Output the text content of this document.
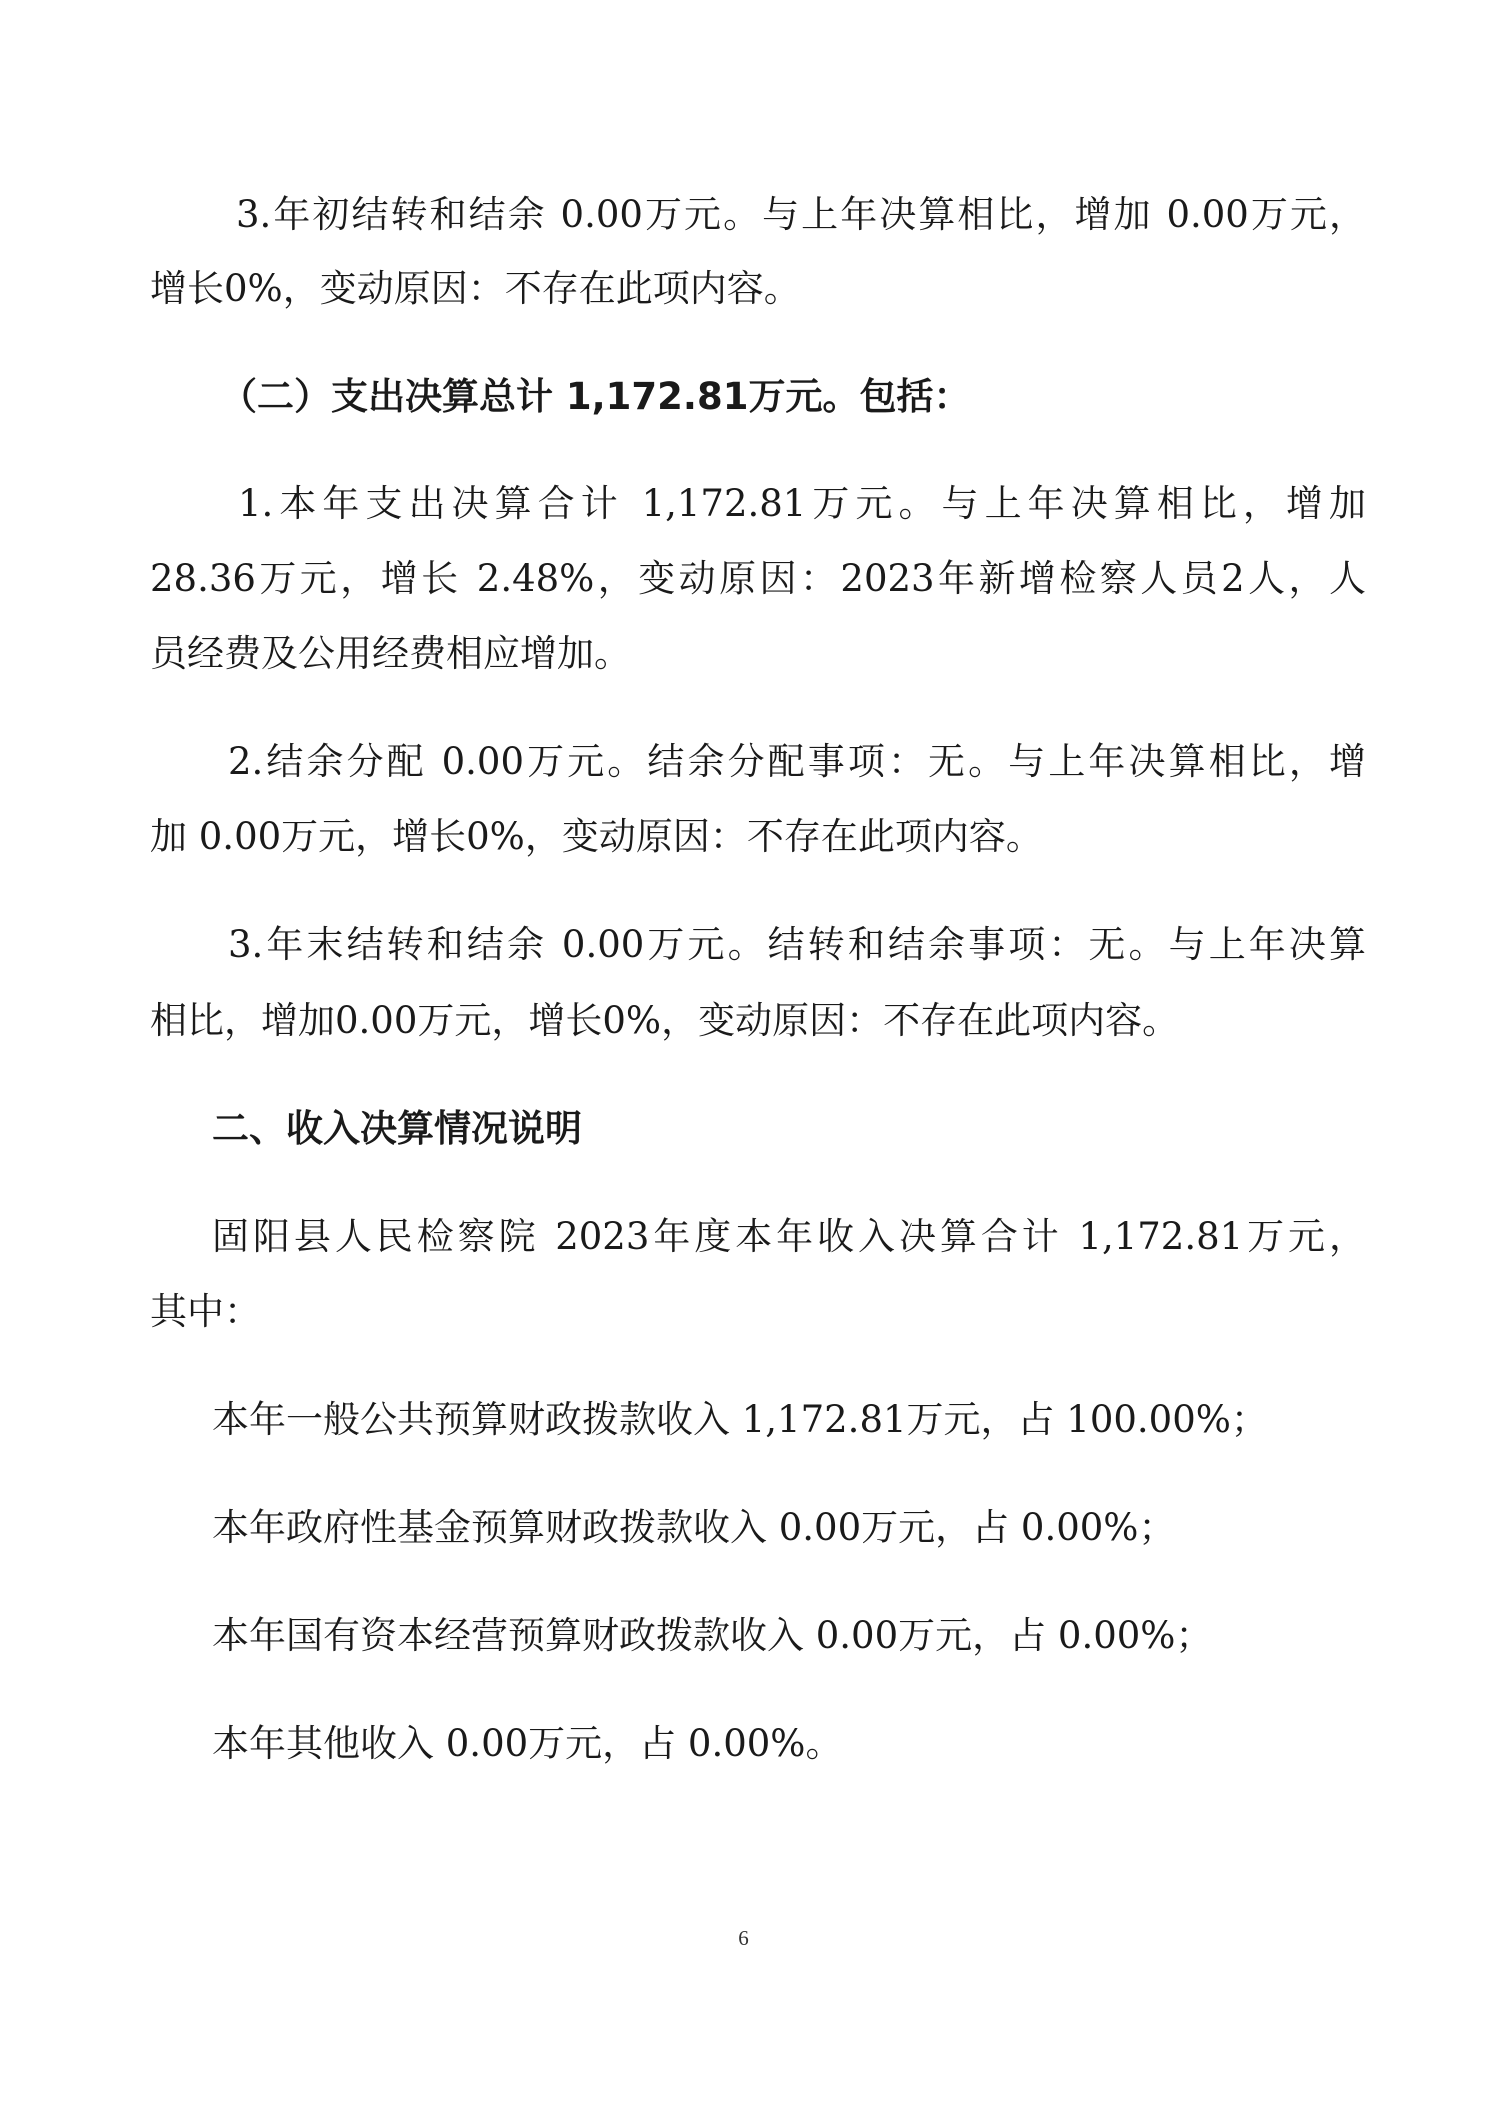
3.年初结转和结余 0.00万元。与上年决算相比，增加 0.00万元，
增长0%，变动原因：不存在此项内容。
（二）支出决算总计 1,172.81万元。包括：
1.本年支出决算合计 1,172.81万元。与上年决算相比，增加
28.36万元，增长 2.48%，变动原因：2023年新增检察人员2人，人
员经费及公用经费相应增加。
2.结余分配 0.00万元。结余分配事项：无。与上年决算相比，增
加 0.00万元，增长0%，变动原因：不存在此项内容。
3.年末结转和结余 0.00万元。结转和结余事项：无。与上年决算
相比，增加0.00万元，增长0%，变动原因：不存在此项内容。
二、收入决算情况说明
固阳县人民检察院 2023年度本年收入决算合计 1,172.81万元，
其中：
本年一般公共预算财政拨款收入 1,172.81万元，占 100.00%；
本年政府性基金预算财政拨款收入 0.00万元，占 0.00%；
本年国有资本经营预算财政拨款收入 0.00万元，占 0.00%；
本年其他收入 0.00万元，占 0.00%。
6
